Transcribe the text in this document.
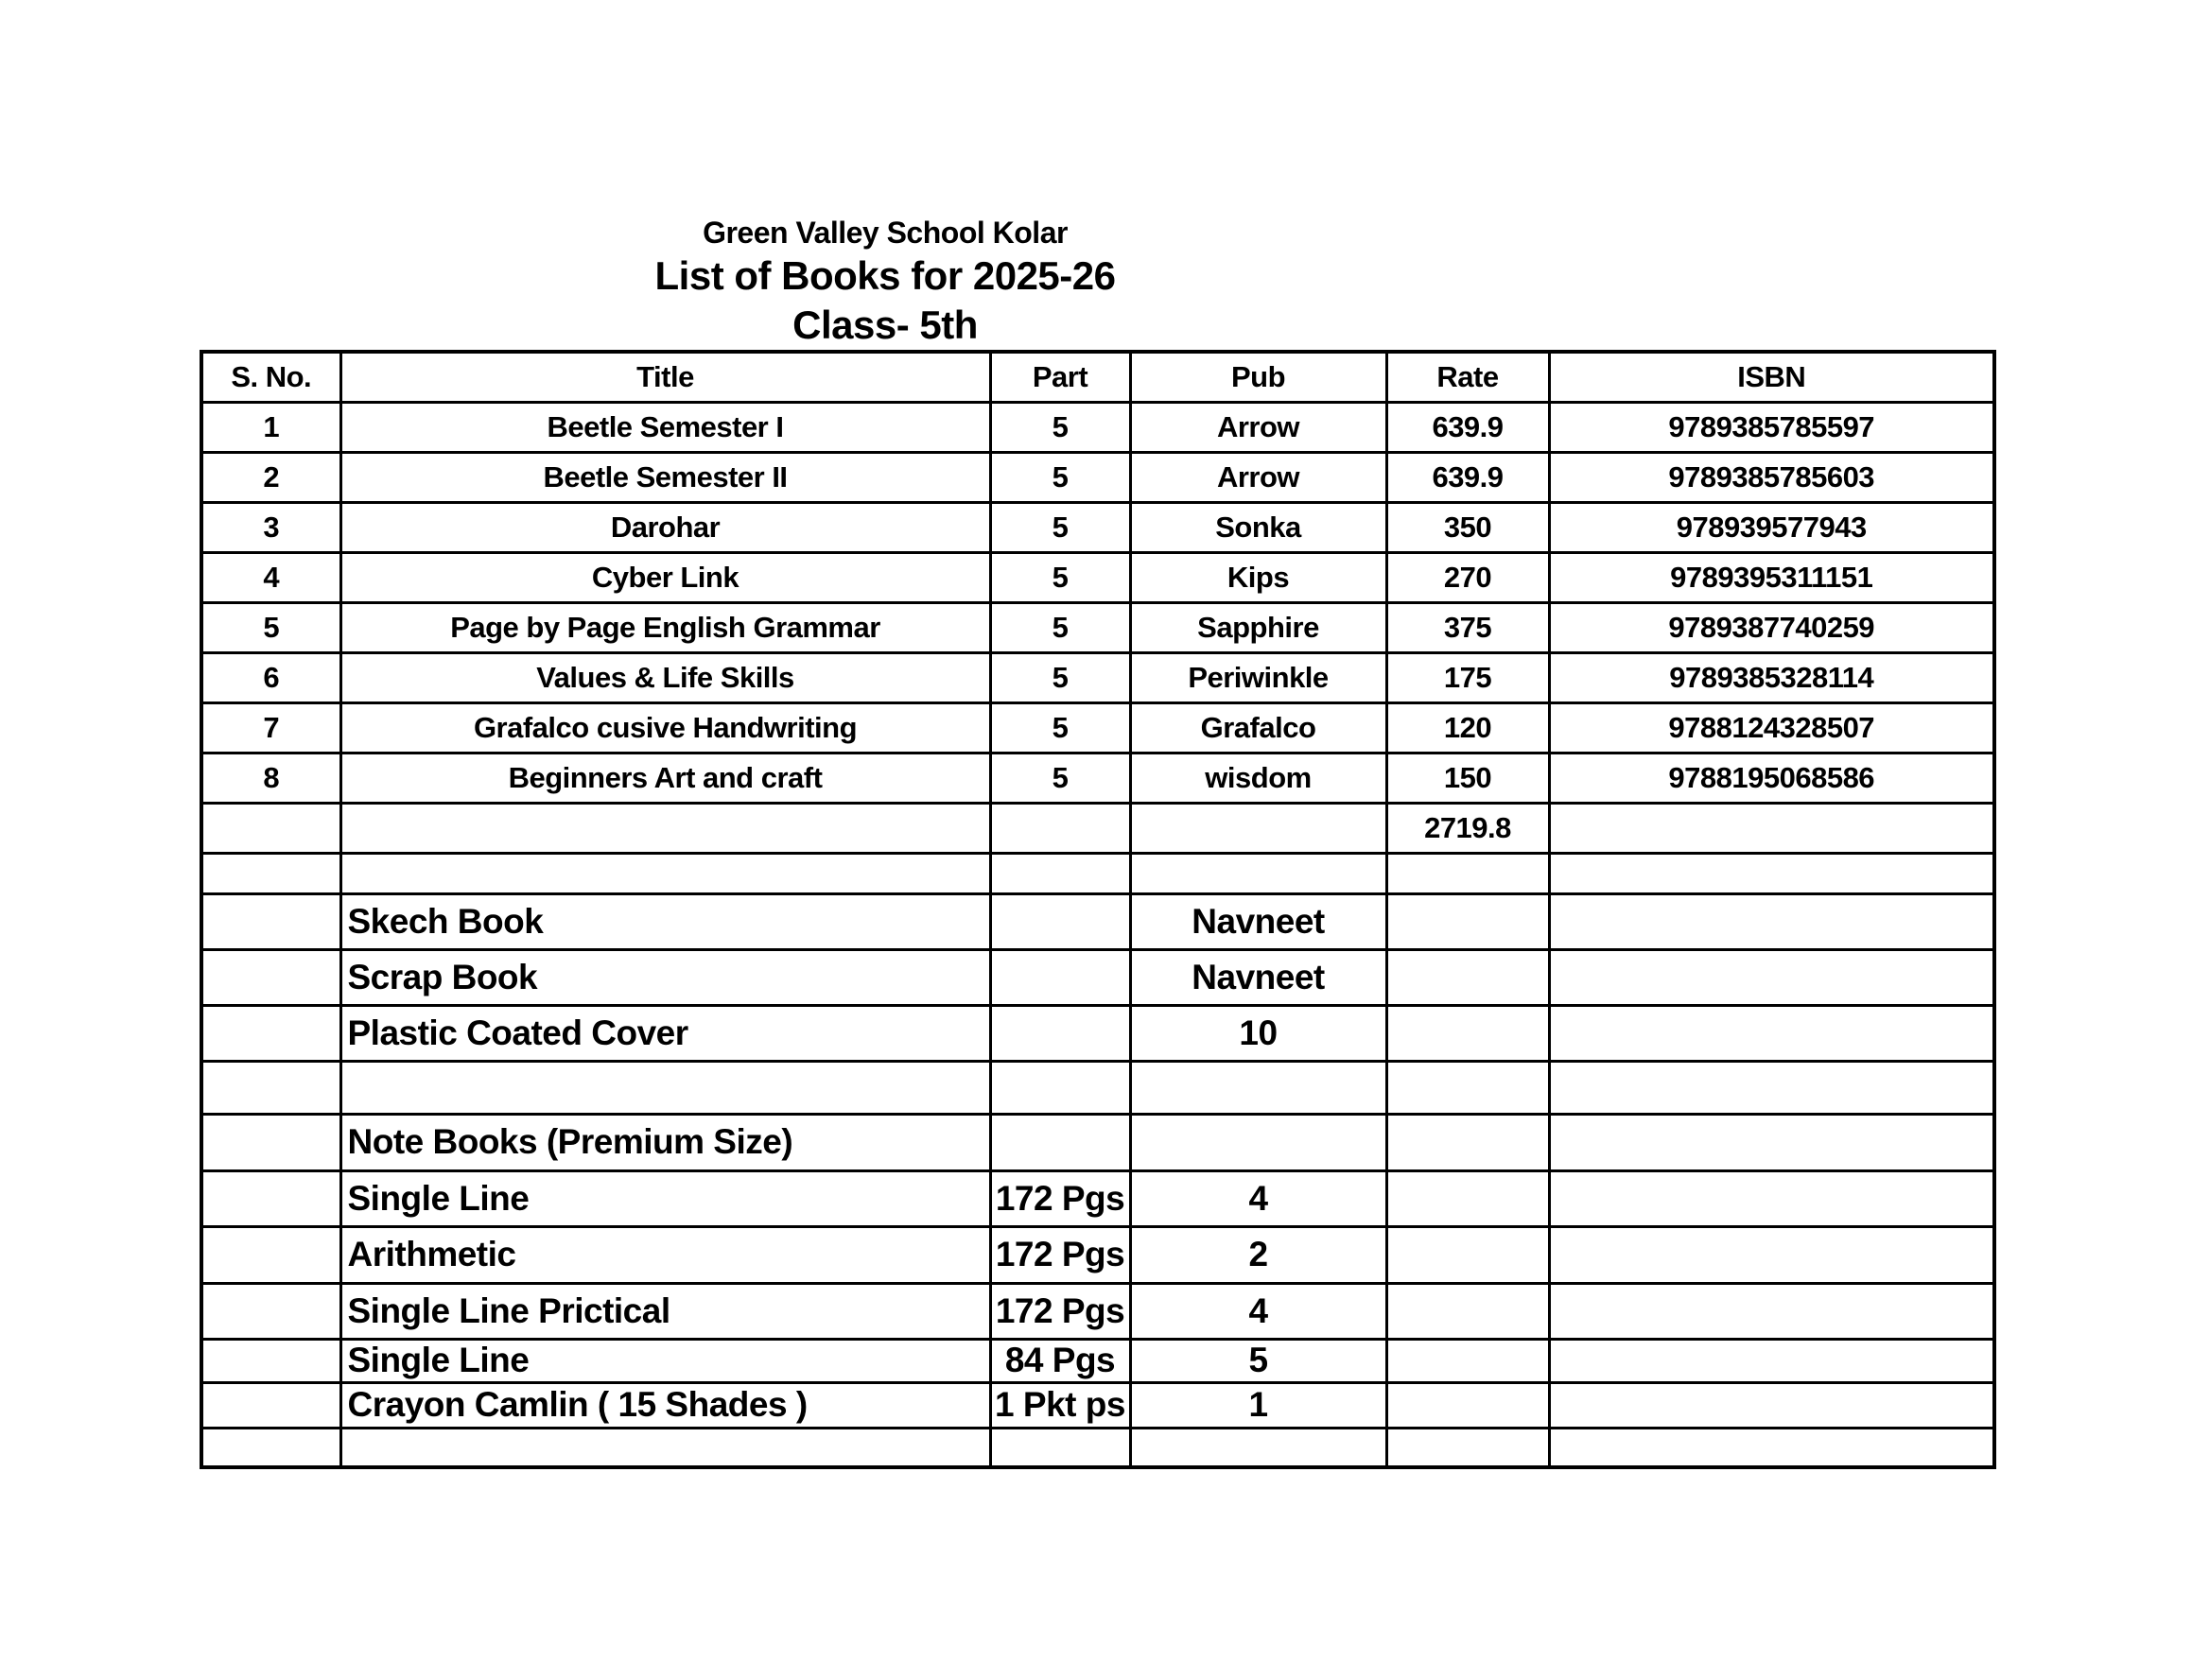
Green Valley School Kolar
List of Books for 2025-26
Class- 5th
S. No.	Title	Part	Pub	Rate	ISBN
1	Beetle Semester I	5	Arrow	639.9	9789385785597
2	Beetle Semester II	5	Arrow	639.9	9789385785603
3	Darohar	5	Sonka	350	978939577943
4	Cyber Link	5	Kips	270	9789395311151
5	Page by Page English Grammar	5	Sapphire	375	9789387740259
6	Values & Life Skills	5	Periwinkle	175	9789385328114
7	Grafalco cusive Handwriting	5	Grafalco	120	9788124328507
8	Beginners Art and craft	5	wisdom	150	9788195068586
				2719.8	

	Skech Book		Navneet		
	Scrap Book		Navneet		
	Plastic Coated Cover		10		

	Note Books (Premium Size)				
	Single Line	172 Pgs	4		
	Arithmetic	172 Pgs	2		
	Single Line Prictical	172 Pgs	4		
	Single Line	84 Pgs	5		
	Crayon Camlin ( 15 Shades )	1 Pkt ps	1		
